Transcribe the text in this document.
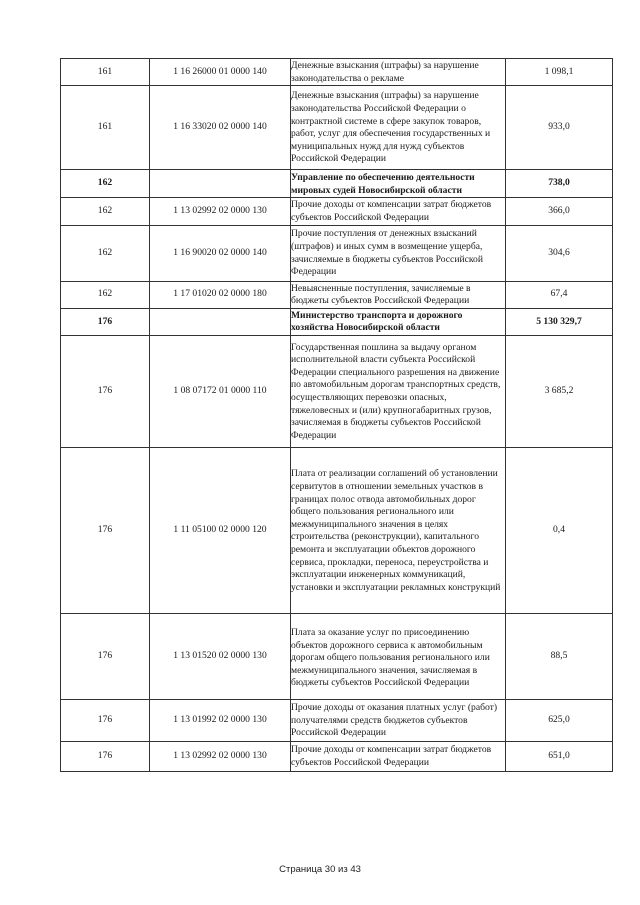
161	1 16 26000 01 0000 140	Денежные взыскания (штрафы) за нарушение законодательства о рекламе	1 098,1
161	1 16 33020 02 0000 140	Денежные взыскания (штрафы) за нарушение законодательства Российской Федерации о контрактной системе в сфере закупок товаров, работ, услуг для обеспечения государственных и муниципальных нужд для нужд субъектов Российской Федерации	933,0
162		Управление по обеспечению деятельности мировых судей Новосибирской области	738,0
162	1 13 02992 02 0000 130	Прочие доходы от компенсации затрат бюджетов субъектов Российской Федерации	366,0
162	1 16 90020 02 0000 140	Прочие поступления от денежных взысканий (штрафов) и иных сумм в возмещение ущерба, зачисляемые в бюджеты субъектов Российской Федерации	304,6
162	1 17 01020 02 0000 180	Невыясненные поступления, зачисляемые в бюджеты субъектов Российской Федерации	67,4
176		Министерство транспорта и дорожного хозяйства Новосибирской области	5 130 329,7
176	1 08 07172 01 0000 110	Государственная пошлина за выдачу органом исполнительной власти субъекта Российской Федерации специального разрешения на движение по автомобильным дорогам транспортных средств, осуществляющих перевозки опасных, тяжеловесных и (или) крупногабаритных грузов, зачисляемая в бюджеты субъектов Российской Федерации	3 685,2
176	1 11 05100 02 0000 120	Плата от реализации соглашений об установлении сервитутов в отношении земельных участков в границах полос отвода автомобильных дорог общего пользования регионального или межмуниципального значения в целях строительства (реконструкции), капитального ремонта и эксплуатации объектов дорожного сервиса, прокладки, переноса, переустройства и эксплуатации инженерных коммуникаций, установки и эксплуатации рекламных конструкций	0,4
176	1 13 01520 02 0000 130	Плата за оказание услуг по присоединению объектов дорожного сервиса к автомобильным дорогам общего пользования регионального или межмуниципального значения, зачисляемая в бюджеты субъектов Российской Федерации	88,5
176	1 13 01992 02 0000 130	Прочие доходы от оказания платных услуг (работ) получателями средств бюджетов субъектов Российской Федерации	625,0
176	1 13 02992 02 0000 130	Прочие доходы от компенсации затрат бюджетов субъектов Российской Федерации	651,0
Страница 30 из 43
